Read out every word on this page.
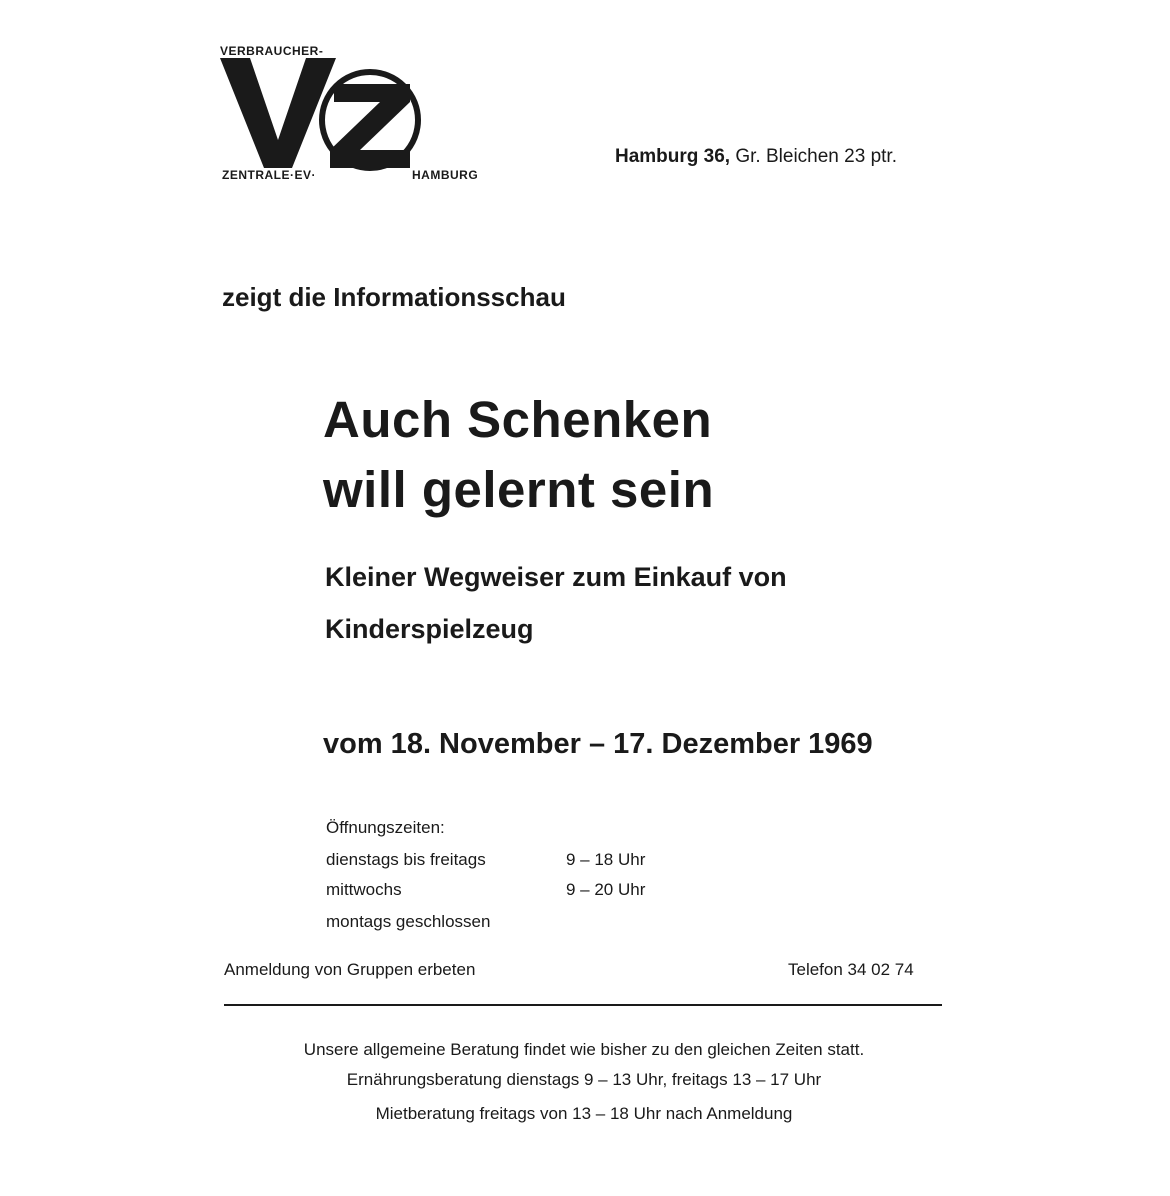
VERBRAUCHER-
ZENTRALE·EV·	HAMBURG
Hamburg 36, Gr. Bleichen 23 ptr.
zeigt die Informationsschau
Auch Schenken
will gelernt sein
Kleiner Wegweiser zum Einkauf von
Kinderspielzeug
vom 18. November – 17. Dezember 1969
Öffnungszeiten:
dienstags bis freitags	9 – 18 Uhr
mittwochs	9 – 20 Uhr
montags geschlossen
Anmeldung von Gruppen erbeten	Telefon 34 02 74
Unsere allgemeine Beratung findet wie bisher zu den gleichen Zeiten statt.
Ernährungsberatung dienstags 9 – 13 Uhr, freitags 13 – 17 Uhr
Mietberatung freitags von 13 – 18 Uhr nach Anmeldung
